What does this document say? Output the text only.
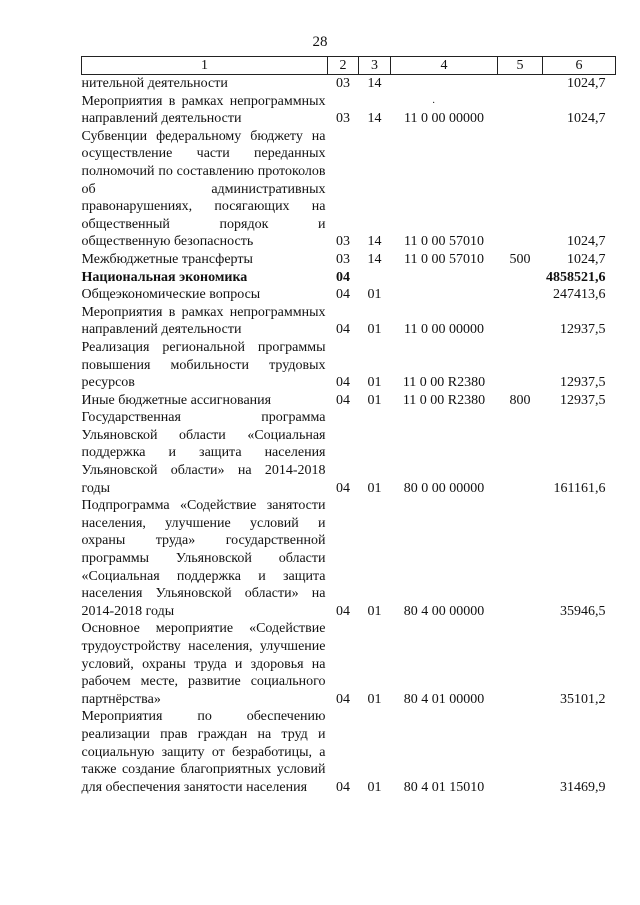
28
·
1	2	3	4	5	6
нительной деятельности	03	14			1024,7
Мероприятия в рамках непрограммных направлений деятельности	03	14	11 0 00 00000		1024,7
Субвенции федеральному бюджету на осуществление части переданных полномочий по составлению протоколов об административных правонарушениях, посягающих на общественный порядок и общественную безопасность	03	14	11 0 00 57010		1024,7
Межбюджетные трансферты	03	14	11 0 00 57010	500	1024,7
Национальная экономика	04				4858521,6
Общеэкономические вопросы	04	01			247413,6
Мероприятия в рамках непрограммных направлений деятельности	04	01	11 0 00 00000		12937,5
Реализация региональной программы повышения мобильности трудовых ресурсов	04	01	11 0 00 R2380		12937,5
Иные бюджетные ассигнования	04	01	11 0 00 R2380	800	12937,5
Государственная программа Ульяновской области «Социальная поддержка и защита населения Ульяновской области» на 2014-2018 годы	04	01	80 0 00 00000		161161,6
Подпрограмма «Содействие занятости населения, улучшение условий и охраны труда» государственной программы Ульяновской области «Социальная поддержка и защита населения Ульяновской области» на 2014-2018 годы	04	01	80 4 00 00000		35946,5
Основное мероприятие «Содействие трудоустройству населения, улучшение условий, охраны труда и здоровья на рабочем месте, развитие социального партнёрства»	04	01	80 4 01 00000		35101,2
Мероприятия по обеспечению реализации прав граждан на труд и социальную защиту от безработицы, а также создание благоприятных условий для обеспечения занятости населения	04	01	80 4 01 15010		31469,9
